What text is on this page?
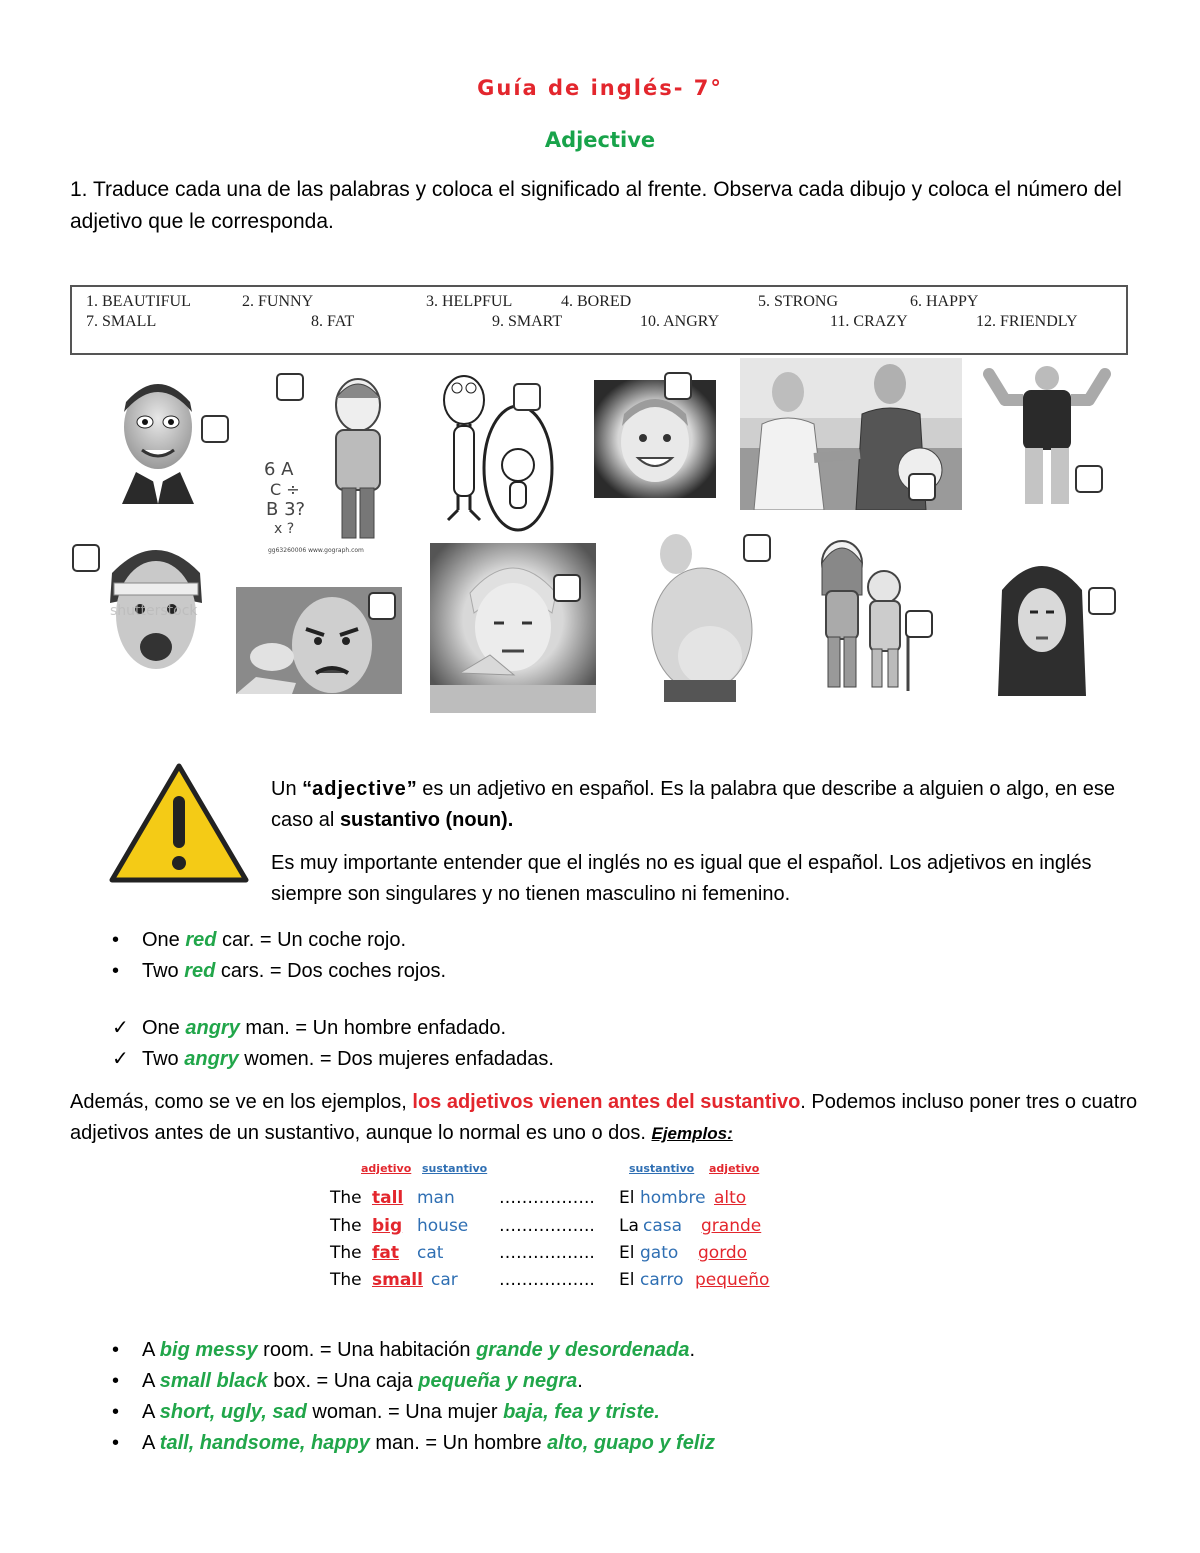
Guía de inglés- 7°
Adjective
1. Traduce cada una de las palabras y coloca el significado al frente. Observa cada dibujo y coloca el número del adjetivo que le corresponda.
1. BEAUTIFUL	2. FUNNY	3. HELPFUL	4. BORED	5. STRONG	6. HAPPY
7. SMALL	8. FAT	9. SMART	10. ANGRY	11. CRAZY	12. FRIENDLY
6 A
C ÷
B 3?
x ?
gg63260006 www.gograph.com
shutterstock
Un “adjective” es un adjetivo en español. Es la palabra que describe a alguien o algo, en ese caso al sustantivo (noun).
Es muy importante entender que el inglés no es igual que el español. Los adjetivos en inglés siempre son singulares y no tienen masculino ni femenino.
• One red car. = Un coche rojo.
• Two red cars. = Dos coches rojos.
✓ One angry man. = Un hombre enfadado.
✓ Two angry women. = Dos mujeres enfadadas.
Además, como se ve en los ejemplos, los adjetivos vienen antes del sustantivo. Podemos incluso poner tres o cuatro adjetivos antes de un sustantivo, aunque lo normal es uno o dos. Ejemplos:
adjetivo sustantivo	sustantivo adjetivo
The tall man	…………….. El hombre alto
The big house …………….. La casa grande
The fat cat	…………….. El gato gordo
The small car …………….. El carro pequeño
• A big messy room. = Una habitación grande y desordenada.
• A small black box. = Una caja pequeña y negra.
• A short, ugly, sad woman. = Una mujer baja, fea y triste.
• A tall, handsome, happy man. = Un hombre alto, guapo y feliz
